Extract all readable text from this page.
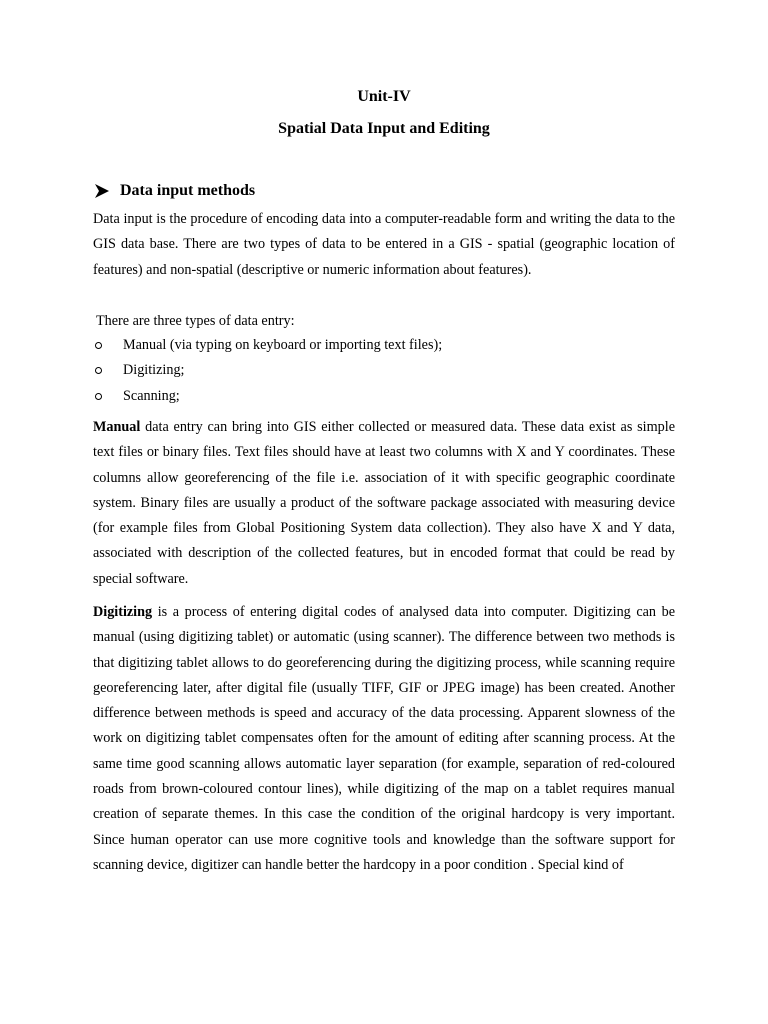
Unit-IV
Spatial Data Input and Editing
Data input methods

Data input is the procedure of encoding data into a computer-readable form and writing the data to the GIS data base. There are two types of data to be entered in a GIS - spatial (geographic location of features) and non-spatial (descriptive or numeric information about features).

There are three types of data entry:
Manual (via typing on keyboard or importing text files);
Digitizing;
Scanning;

Manual data entry can bring into GIS either collected or measured data. These data exist as simple text files or binary files. Text files should have at least two columns with X and Y coordinates. These columns allow georeferencing of the file i.e. association of it with specific geographic coordinate system. Binary files are usually a product of the software package associated with measuring device (for example files from Global Positioning System data collection). They also have X and Y data, associated with description of the collected features, but in encoded format that could be read by special software.

Digitizing is a process of entering digital codes of analysed data into computer. Digitizing can be manual (using digitizing tablet) or automatic (using scanner). The difference between two methods is that digitizing tablet allows to do georeferencing during the digitizing process, while scanning require georeferencing later, after digital file (usually TIFF, GIF or JPEG image) has been created. Another difference between methods is speed and accuracy of the data processing. Apparent slowness of the work on digitizing tablet compensates often for the amount of editing after scanning process. At the same time good scanning allows automatic layer separation (for example, separation of red-coloured roads from brown-coloured contour lines), while digitizing of the map on a tablet requires manual creation of separate themes. In this case the condition of the original hardcopy is very important. Since human operator can use more cognitive tools and knowledge than the software support for scanning device, digitizer can handle better the hardcopy in a poor condition . Special kind of
